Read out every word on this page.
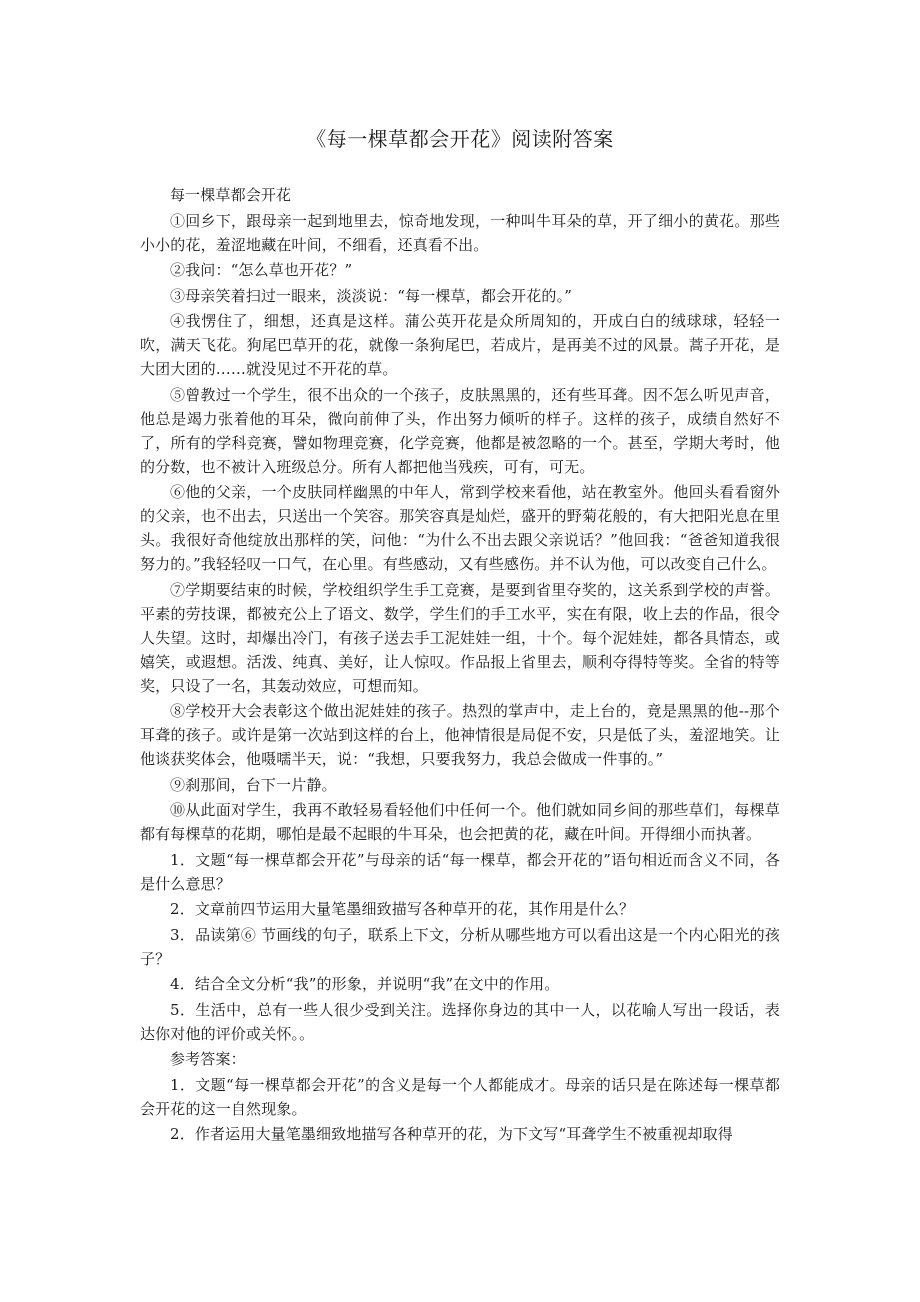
《每一棵草都会开花》阅读附答案

每一棵草都会开花

①回乡下，跟母亲一起到地里去，惊奇地发现，一种叫牛耳朵的草，开了细小的黄花。那些小小的花，羞涩地藏在叶间，不细看，还真看不出。

②我问：“怎么草也开花？”

③母亲笑着扫过一眼来，淡淡说：“每一棵草，都会开花的。”

④我愣住了，细想，还真是这样。蒲公英开花是众所周知的，开成白白的绒球球，轻轻一吹，满天飞花。狗尾巴草开的花，就像一条狗尾巴，若成片，是再美不过的风景。蒿子开花，是大团大团的……就没见过不开花的草。

⑤曾教过一个学生，很不出众的一个孩子，皮肤黑黑的，还有些耳聋。因不怎么听见声音，他总是竭力张着他的耳朵，微向前伸了头，作出努力倾听的样子。这样的孩子，成绩自然好不了，所有的学科竞赛，譬如物理竞赛，化学竞赛，他都是被忽略的一个。甚至，学期大考时，他的分数，也不被计入班级总分。所有人都把他当残疾，可有，可无。

⑥他的父亲，一个皮肤同样幽黑的中年人，常到学校来看他，站在教室外。他回头看看窗外的父亲，也不出去，只送出一个笑容。那笑容真是灿烂，盛开的野菊花般的，有大把阳光息在里头。我很好奇他绽放出那样的笑，问他：“为什么不出去跟父亲说话？”他回我：“爸爸知道我很努力的。”我轻轻叹一口气，在心里。有些感动，又有些感伤。并不认为他，可以改变自己什么。

⑦学期要结束的时候，学校组织学生手工竞赛，是要到省里夺奖的，这关系到学校的声誉。平素的劳技课，都被充公上了语文、数学，学生们的手工水平，实在有限，收上去的作品，很令人失望。这时，却爆出冷门，有孩子送去手工泥娃娃一组，十个。每个泥娃娃，都各具情态，或嬉笑，或遐想。活泼、纯真、美好，让人惊叹。作品报上省里去，顺利夺得特等奖。全省的特等奖，只设了一名，其轰动效应，可想而知。

⑧学校开大会表彰这个做出泥娃娃的孩子。热烈的掌声中，走上台的，竟是黑黑的他--那个耳聋的孩子。或许是第一次站到这样的台上，他神情很是局促不安，只是低了头，羞涩地笑。让他谈获奖体会，他嗫嚅半天，说：“我想，只要我努力，我总会做成一件事的。”

⑨刹那间，台下一片静。

⑩从此面对学生，我再不敢轻易看轻他们中任何一个。他们就如同乡间的那些草们，每棵草都有每棵草的花期，哪怕是最不起眼的牛耳朵，也会把黄的花，藏在叶间。开得细小而执著。

1．文题“每一棵草都会开花”与母亲的话“每一棵草，都会开花的”语句相近而含义不同，各是什么意思？

2．文章前四节运用大量笔墨细致描写各种草开的花，其作用是什么？

3．品读第⑥ 节画线的句子，联系上下文，分析从哪些地方可以看出这是一个内心阳光的孩子？

4．结合全文分析“我”的形象，并说明“我”在文中的作用。

5．生活中，总有一些人很少受到关注。选择你身边的其中一人，以花喻人写出一段话，表达你对他的评价或关怀。。

参考答案：

1．文题“每一棵草都会开花”的含义是每一个人都能成才。母亲的话只是在陈述每一棵草都会开花的这一自然现象。

2．作者运用大量笔墨细致地描写各种草开的花，为下文写“耳聋学生不被重视却取得
